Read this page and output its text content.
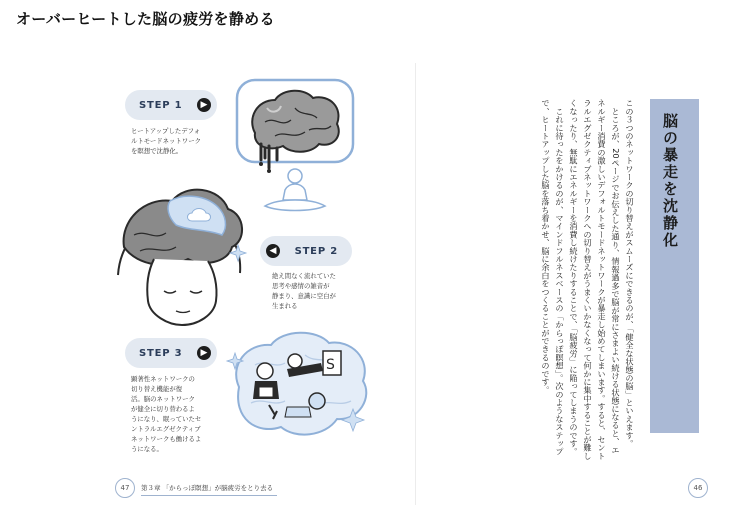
オーバーヒートした脳の疲労を静める
STEP 1	▶

ヒートアップしたデフォ
ルトモードネットワーク
を瞑想で沈静化。

STEP 2
◀

絶え間なく流れていた
思考や感情の雑音が
静まり、意識に空白が
生まれる

STEP 3	▶

顕著性ネットワークの
切り替え機能が復
活。脳のネットワーク
が健全に切り替わるよ
うになり、眠っていたセ
ントラルエグゼクティブ
ネットワークも働けるよ
うになる。

S
47	第３章 「からっぽ瞑想」が脳疲労をとり去る
脳の暴走を沈静化

この３つのネットワークの切り替えがスムーズにできるのが、「健全な状態の脳」といえます。
　ところが、20ページでお伝えした通り、情報過多で脳が常にさまよい続ける状態になると、エネルギー消費の激しいデフォルトモードネットワークが暴走し始めてしまいます。すると、セントラルエグゼクティブネットワークへの切り替えがうまくいかなくなって何かに集中することが難しくなったり、無駄にエネルギーを消費し続けたりすることで、「脳疲労」に陥ってしまうのです。
　これに待ったをかけるのが、マインドフルネスベースの「からっぽ瞑想」。次のようなステップで、ヒートアップした脳を落ち着かせ、脳に余白をつくることができるのです。

46
